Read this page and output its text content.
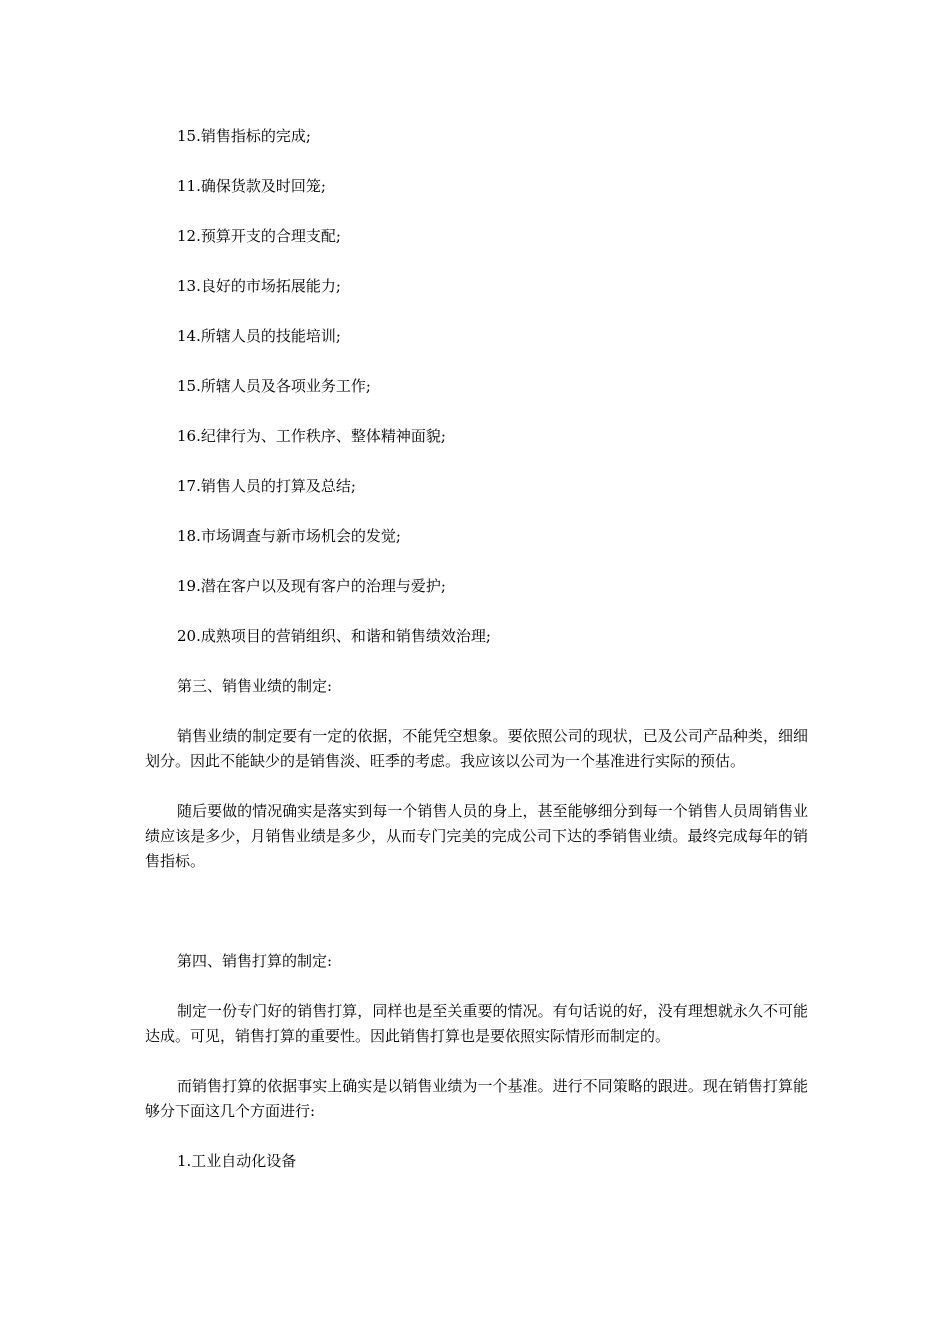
15.销售指标的完成;

11.确保货款及时回笼;

12.预算开支的合理支配;

13.良好的市场拓展能力;

14.所辖人员的技能培训;

15.所辖人员及各项业务工作;

16.纪律行为、工作秩序、整体精神面貌;

17.销售人员的打算及总结;

18.市场调查与新市场机会的发觉;

19.潜在客户以及现有客户的治理与爱护;

20.成熟项目的营销组织、和谐和销售绩效治理;

第三、销售业绩的制定:

销售业绩的制定要有一定的依据，不能凭空想象。要依照公司的现状，已及公司产品种类，细细划分。因此不能缺少的是销售淡、旺季的考虑。我应该以公司为一个基准进行实际的预估。

随后要做的情况确实是落实到每一个销售人员的身上，甚至能够细分到每一个销售人员周销售业绩应该是多少，月销售业绩是多少，从而专门完美的完成公司下达的季销售业绩。最终完成每年的销售指标。

第四、销售打算的制定:

制定一份专门好的销售打算，同样也是至关重要的情况。有句话说的好，没有理想就永久不可能达成。可见，销售打算的重要性。因此销售打算也是要依照实际情形而制定的。

而销售打算的依据事实上确实是以销售业绩为一个基准。进行不同策略的跟进。现在销售打算能够分下面这几个方面进行:

1.工业自动化设备
